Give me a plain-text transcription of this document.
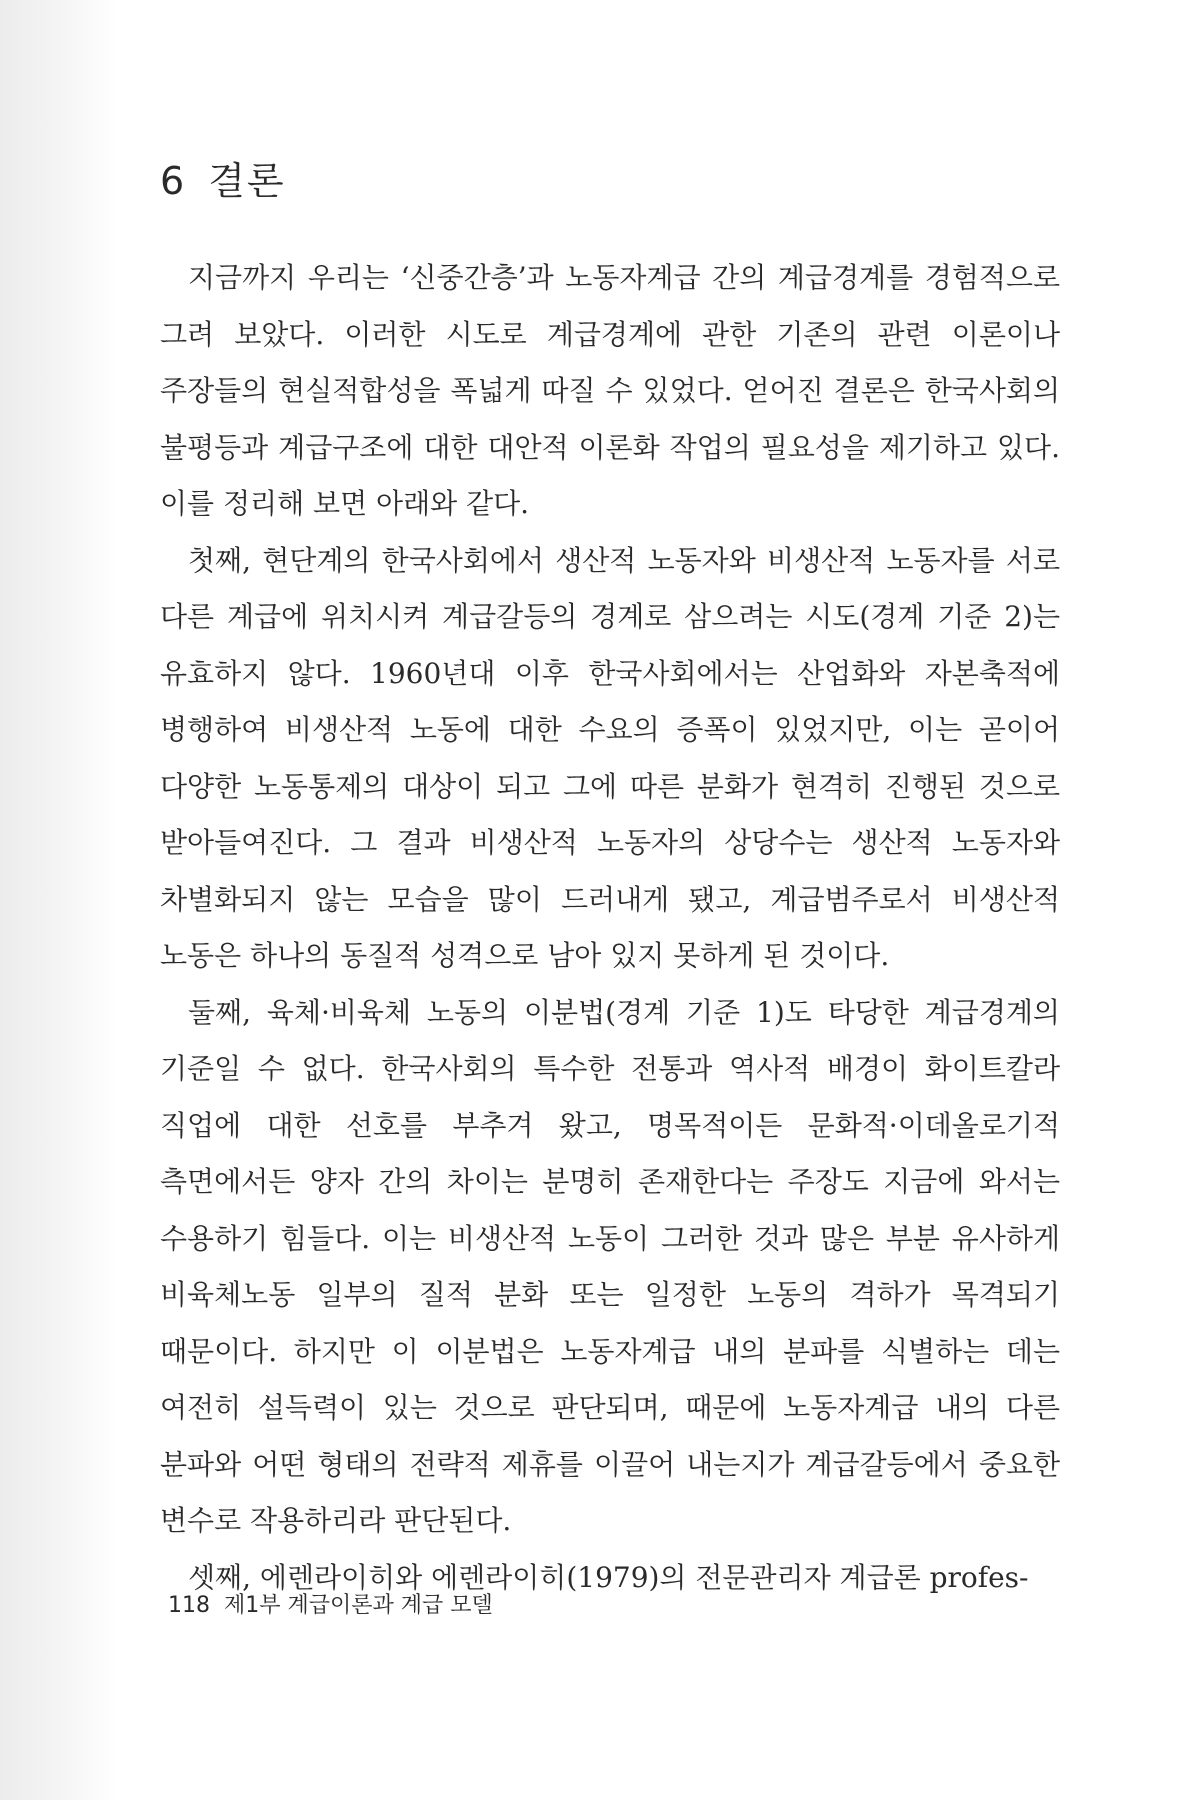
6 결론

지금까지 우리는 ‘신중간층’과 노동자계급 간의 계급경계를 경험적으로 그려 보았다. 이러한 시도로 계급경계에 관한 기존의 관련 이론이나 주장들의 현실적합성을 폭넓게 따질 수 있었다. 얻어진 결론은 한국사회의 불평등과 계급구조에 대한 대안적 이론화 작업의 필요성을 제기하고 있다. 이를 정리해 보면 아래와 같다.

첫째, 현단계의 한국사회에서 생산적 노동자와 비생산적 노동자를 서로 다른 계급에 위치시켜 계급갈등의 경계로 삼으려는 시도(경계 기준 2)는 유효하지 않다. 1960년대 이후 한국사회에서는 산업화와 자본축적에 병행하여 비생산적 노동에 대한 수요의 증폭이 있었지만, 이는 곧이어 다양한 노동통제의 대상이 되고 그에 따른 분화가 현격히 진행된 것으로 받아들여진다. 그 결과 비생산적 노동자의 상당수는 생산적 노동자와 차별화되지 않는 모습을 많이 드러내게 됐고, 계급범주로서 비생산적 노동은 하나의 동질적 성격으로 남아 있지 못하게 된 것이다.

둘째, 육체·비육체 노동의 이분법(경계 기준 1)도 타당한 계급경계의 기준일 수 없다. 한국사회의 특수한 전통과 역사적 배경이 화이트칼라 직업에 대한 선호를 부추겨 왔고, 명목적이든 문화적·이데올로기적 측면에서든 양자 간의 차이는 분명히 존재한다는 주장도 지금에 와서는 수용하기 힘들다. 이는 비생산적 노동이 그러한 것과 많은 부분 유사하게 비육체노동 일부의 질적 분화 또는 일정한 노동의 격하가 목격되기 때문이다. 하지만 이 이분법은 노동자계급 내의 분파를 식별하는 데는 여전히 설득력이 있는 것으로 판단되며, 때문에 노동자계급 내의 다른 분파와 어떤 형태의 전략적 제휴를 이끌어 내는지가 계급갈등에서 중요한 변수로 작용하리라 판단된다.

셋째, 에렌라이히와 에렌라이히(1979)의 전문관리자 계급론 profes-

118 제1부 계급이론과 계급 모델
